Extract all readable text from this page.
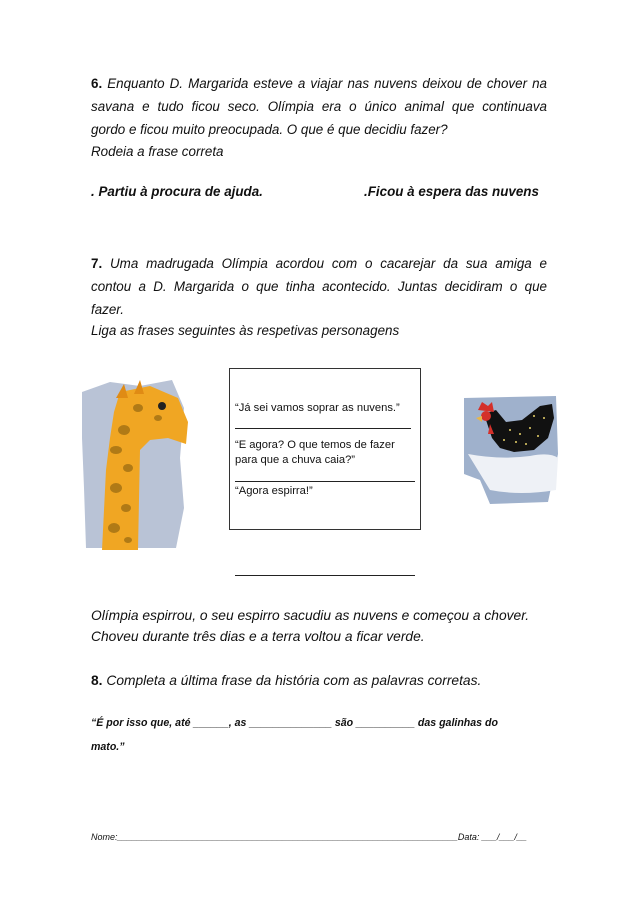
6. Enquanto D. Margarida esteve a viajar nas nuvens deixou de chover na
savana e tudo ficou seco. Olímpia era o único animal que continuava
gordo e ficou muito preocupada. O que é que decidiu fazer?
Rodeia a frase correta
. Partiu à procura de ajuda.	.Ficou à espera das nuvens
7. Uma madrugada Olímpia acordou com o cacarejar da sua amiga e
contou a D. Margarida o que tinha acontecido. Juntas decidiram o que
fazer.
Liga as frases seguintes às respetivas personagens
“Já sei vamos soprar as nuvens.”
“E agora? O que temos de fazer
para que a chuva caia?”
“Agora espirra!”
Olímpia espirrou, o seu espirro sacudiu as nuvens e começou a chover.
Choveu durante três dias e a terra voltou a ficar verde.
8. Completa a última frase da história com as palavras corretas.
“É por isso que, até ______, as ______________ são __________ das galinhas do
mato.”
Nome:____________________________________________________________________Data: ___/___/__
